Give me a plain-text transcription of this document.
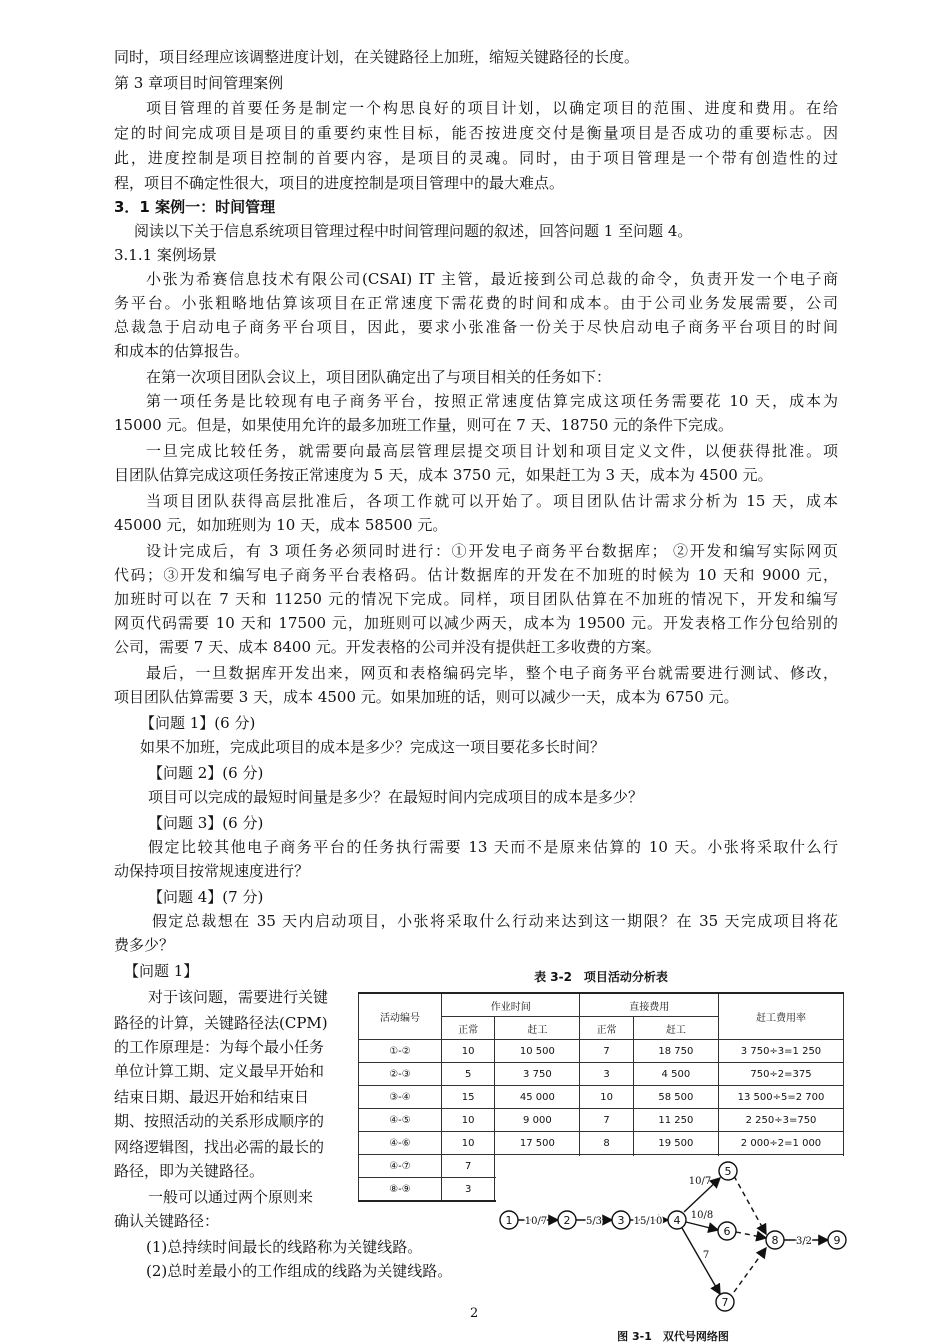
同时，项目经理应该调整进度计划，在关键路径上加班，缩短关键路径的长度。
第 3 章项目时间管理案例
项目管理的首要任务是制定一个构思良好的项目计划，以确定项目的范围、进度和费用。在给
定的时间完成项目是项目的重要约束性目标，能否按进度交付是衡量项目是否成功的重要标志。因
此，进度控制是项目控制的首要内容，是项目的灵魂。同时，由于项目管理是一个带有创造性的过
程，项目不确定性很大，项目的进度控制是项目管理中的最大难点。
3．1 案例一：时间管理
阅读以下关于信息系统项目管理过程中时间管理问题的叙述，回答问题 1 至问题 4。
3.1.1 案例场景
小张为希赛信息技术有限公司(CSAI) IT 主管，最近接到公司总裁的命令，负责开发一个电子商
务平台。小张粗略地估算该项目在正常速度下需花费的时间和成本。由于公司业务发展需要，公司
总裁急于启动电子商务平台项目，因此，要求小张准备一份关于尽快启动电子商务平台项目的时间
和成本的估算报告。
在第一次项目团队会议上，项目团队确定出了与项目相关的任务如下：
第一项任务是比较现有电子商务平台，按照正常速度估算完成这项任务需要花 10 天，成本为
15000 元。但是，如果使用允许的最多加班工作量，则可在 7 天、18750 元的条件下完成。
一旦完成比较任务，就需要向最高层管理层提交项目计划和项目定义文件，以便获得批准。项
目团队估算完成这项任务按正常速度为 5 天，成本 3750 元，如果赶工为 3 天，成本为 4500 元。
当项目团队获得高层批准后，各项工作就可以开始了。项目团队估计需求分析为 15 天，成本
45000 元，如加班则为 10 天，成本 58500 元。
设计完成后，有 3 项任务必须同时进行：①开发电子商务平台数据库； ②开发和编写实际网页
代码；③开发和编写电子商务平台表格码。估计数据库的开发在不加班的时候为 10 天和 9000 元，
加班时可以在 7 天和 11250 元的情况下完成。同样，项目团队估算在不加班的情况下，开发和编写
网页代码需要 10 天和 17500 元，加班则可以减少两天，成本为 19500 元。开发表格工作分包给别的
公司，需要 7 天、成本 8400 元。开发表格的公司并没有提供赶工多收费的方案。
最后，一旦数据库开发出来，网页和表格编码完毕，整个电子商务平台就需要进行测试、修改，
项目团队估算需要 3 天，成本 4500 元。如果加班的话，则可以减少一天，成本为 6750 元。
【问题 1】(6 分)
如果不加班，完成此项目的成本是多少？完成这一项目要花多长时间？
【问题 2】(6 分)
项目可以完成的最短时间量是多少？在最短时间内完成项目的成本是多少？
【问题 3】(6 分)
假定比较其他电子商务平台的任务执行需要 13 天而不是原来估算的 10 天。小张将采取什么行
动保持项目按常规速度进行？
【问题 4】(7 分)
假定总裁想在 35 天内启动项目，小张将采取什么行动来达到这一期限？在 35 天完成项目将花
费多少？
【问题 1】
对于该问题，需要进行关键
路径的计算，关键路径法(CPM)
的工作原理是：为每个最小任务
单位计算工期、定义最早开始和
结束日期、最迟开始和结束日
期、按照活动的关系形成顺序的
网络逻辑图，找出必需的最长的
路径，即为关键路径。
一般可以通过两个原则来
确认关键路径：
(1)总持续时间最长的线路称为关键线路。
(2)总时差最小的工作组成的线路为关键线路。
2
表 3-2　项目活动分析表
活动编号	作业时间		直接费用		赶工费用率
	正常	赶工	正常	赶工	
①-②	10	10 500	7	18 750	3 750÷3=1 250
②-③	5	3 750	3	4 500	750÷2=375
③-④	15	45 000	10	58 500	13 500÷5=2 700
④-⑤	10	9 000	7	11 250	2 250÷3=750
④-⑥	10	17 500	8	19 500	2 000÷2=1 000
④-⑦	7				
⑧-⑨	3				
10/7	5/3	15/10
10/7
10/8
7
3/2
1	2	3	4
5
6
7
8	9
图 3-1　双代号网络图
